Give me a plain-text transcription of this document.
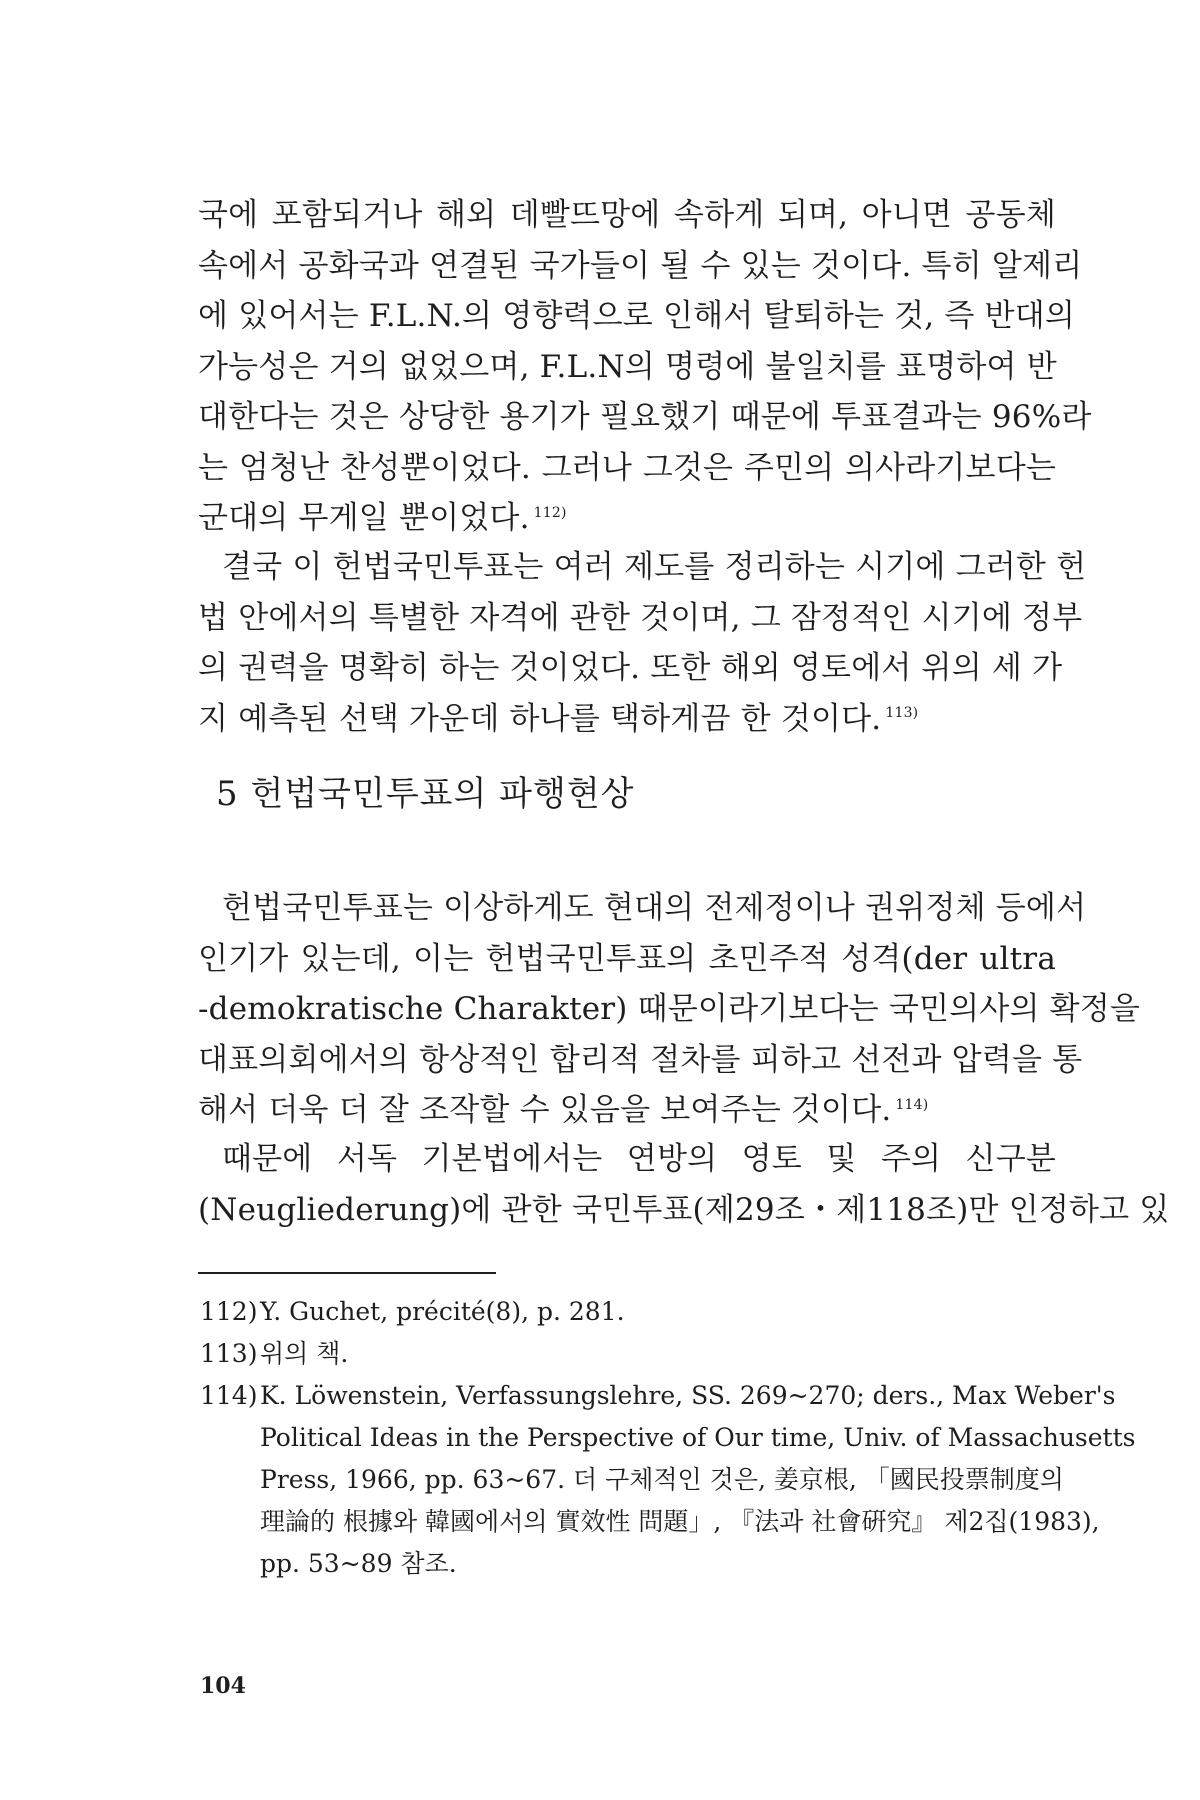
국에 포함되거나 해외 데빨뜨망에 속하게 되며, 아니면 공동체
속에서 공화국과 연결된 국가들이 될 수 있는 것이다. 특히 알제리
에 있어서는 F.L.N.의 영향력으로 인해서 탈퇴하는 것, 즉 반대의
가능성은 거의 없었으며, F.L.N의 명령에 불일치를 표명하여 반
대한다는 것은 상당한 용기가 필요했기 때문에 투표결과는 96%라
는 엄청난 찬성뿐이었다. 그러나 그것은 주민의 의사라기보다는
군대의 무게일 뿐이었다. $^{112)}$
결국 이 헌법국민투표는 여러 제도를 정리하는 시기에 그러한 헌
법 안에서의 특별한 자격에 관한 것이며, 그 잠정적인 시기에 정부
의 권력을 명확히 하는 것이었다. 또한 해외 영토에서 위의 세 가
지 예측된 선택 가운데 하나를 택하게끔 한 것이다. $^{113)}$
5 헌법국민투표의 파행현상
헌법국민투표는 이상하게도 현대의 전제정이나 권위정체 등에서
인기가 있는데, 이는 헌법국민투표의 초민주적 성격(der ultra
-demokratische Charakter) 때문이라기보다는 국민의사의 확정을
대표의회에서의 항상적인 합리적 절차를 피하고 선전과 압력을 통
해서 더욱 더 잘 조작할 수 있음을 보여주는 것이다. $^{114)}$
때문에 서독 기본법에서는 연방의 영토 및 주의 신구분
(Neugliederung)에 관한 국민투표(제29조・제118조)만 인정하고 있
112) Y. Guchet, précité(8), p. 281.
113) 위의 책.
114) K. Löwenstein, Verfassungslehre, SS. 269~270; ders., Max Weber's
Political Ideas in the Perspective of Our time, Univ. of Massachusetts
Press, 1966, pp. 63~67. 더 구체적인 것은, 姜京根, 「國民投票制度의
理論的 根據와 韓國에서의 實效性 問題」, 『法과 社會硏究』 제2집(1983),
pp. 53~89 참조.
104
